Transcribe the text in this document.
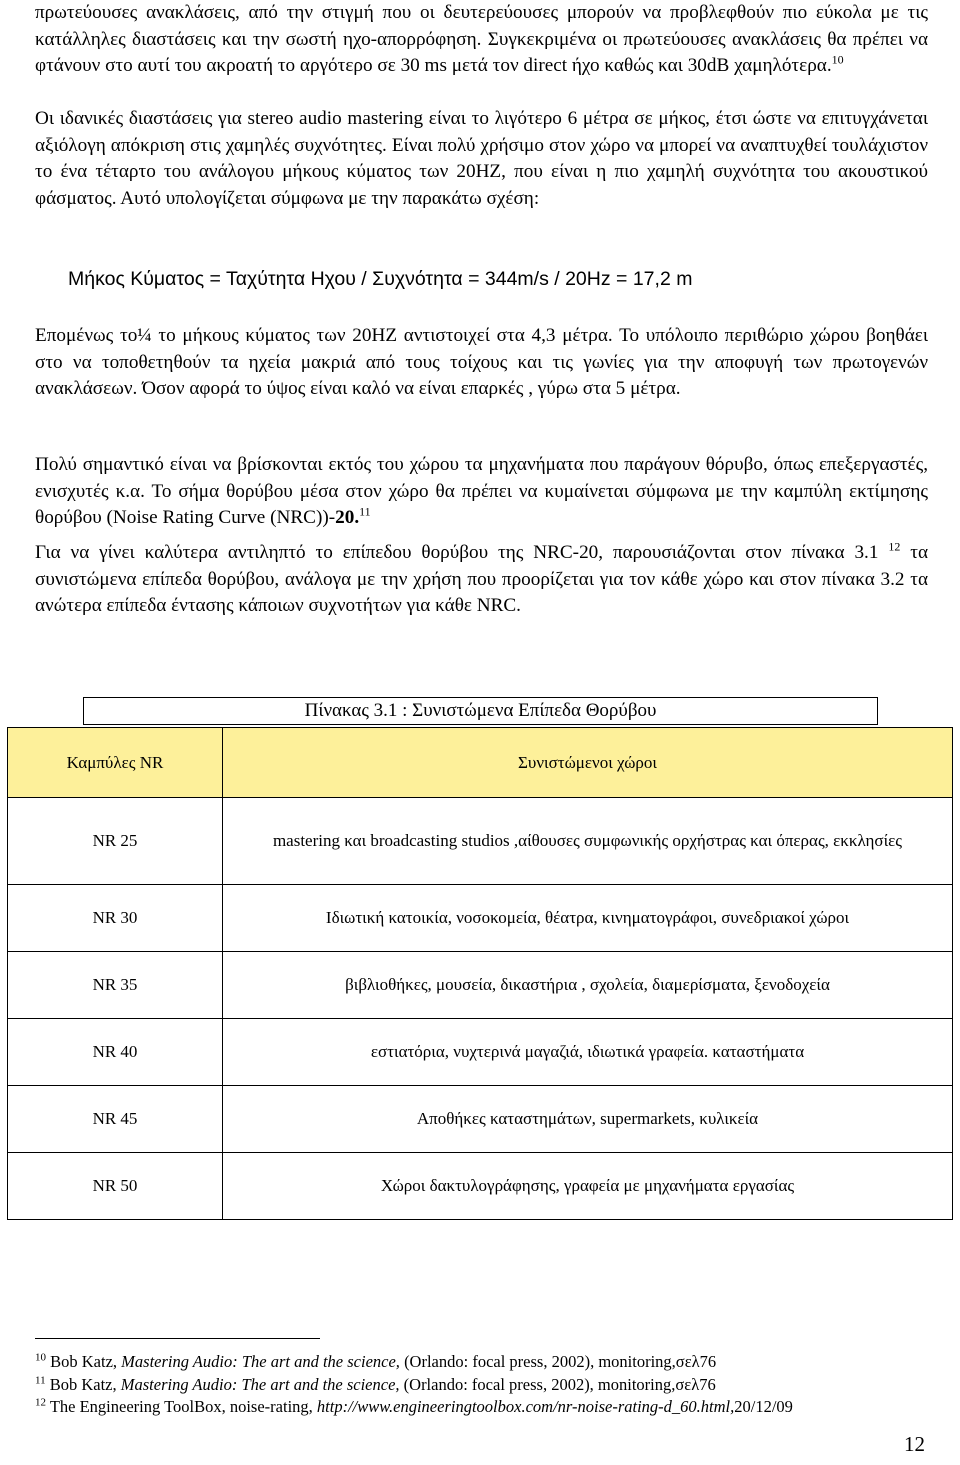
πρωτεύουσες ανακλάσεις, από την στιγμή που οι δευτερεύουσες μπορούν να προβλεφθούν πιο εύκολα με τις κατάλληλες διαστάσεις και την σωστή ηχο-απορρόφηση. Συγκεκριμένα οι πρωτεύουσες ανακλάσεις θα πρέπει να φτάνουν στο αυτί του ακροατή το αργότερο σε 30 ms μετά τον direct ήχο καθώς και 30dB χαμηλότερα.$^{10}$
Οι ιδανικές διαστάσεις για stereo audio mastering είναι το λιγότερο 6 μέτρα σε μήκος, έτσι ώστε να επιτυγχάνεται αξιόλογη απόκριση στις χαμηλές συχνότητες. Είναι πολύ χρήσιμο στον χώρο να μπορεί να αναπτυχθεί τουλάχιστον το ένα τέταρτο του ανάλογου μήκους κύματος των 20HZ, που είναι η πιο χαμηλή συχνότητα του ακουστικού φάσματος. Αυτό υπολογίζεται σύμφωνα με την παρακάτω σχέση:
Μήκος Κύματος = Ταχύτητα Ηχου / Συχνότητα = 344m/s / 20Hz = 17,2 m
Επομένως το¼ το μήκους κύματος των 20HZ αντιστοιχεί στα 4,3 μέτρα. Το υπόλοιπο περιθώριο χώρου βοηθάει στο να τοποθετηθούν τα ηχεία μακριά από τους τοίχους και τις γωνίες για την αποφυγή των πρωτογενών ανακλάσεων. Όσον αφορά το ύψος είναι καλό να είναι επαρκές , γύρω στα 5 μέτρα.
Πολύ σημαντικό είναι να βρίσκονται εκτός του χώρου τα μηχανήματα που παράγουν θόρυβο, όπως επεξεργαστές, ενισχυτές κ.α. Το σήμα θορύβου μέσα στον χώρο θα πρέπει να κυμαίνεται σύμφωνα με την καμπύλη εκτίμησης θορύβου (Noise Rating Curve (NRC))-20.11
Για να γίνει καλύτερα αντιληπτό το επίπεδου θορύβου της NRC-20, παρουσιάζονται στον πίνακα 3.1 $^{12}$ τα συνιστώμενα επίπεδα θορύβου, ανάλογα με την χρήση που προορίζεται για τον κάθε χώρο και στον πίνακα 3.2 τα ανώτερα επίπεδα έντασης κάποιων συχνοτήτων για κάθε NRC.
Πίνακας 3.1 : Συνιστώμενα Επίπεδα Θορύβου
Καμπύλες NR	Συνιστώμενοι χώροι
NR 25	mastering και broadcasting studios ,αίθουσες συμφωνικής ορχήστρας και όπερας, εκκλησίες
NR 30	Ιδιωτική κατοικία, νοσοκομεία, θέατρα, κινηματογράφοι, συνεδριακοί χώροι
NR 35	βιβλιοθήκες, μουσεία, δικαστήρια , σχολεία, διαμερίσματα, ξενοδοχεία
NR 40	εστιατόρια, νυχτερινά μαγαζιά, ιδιωτικά γραφεία. καταστήματα
NR 45	Αποθήκες καταστημάτων, supermarkets, κυλικεία
NR 50	Χώροι δακτυλογράφησης, γραφεία με μηχανήματα εργασίας
$^{10}$ Bob Katz, Mastering Audio: The art and the science, (Orlando: focal press, 2002), monitoring,σελ76
$^{11}$ Bob Katz, Mastering Audio: The art and the science, (Orlando: focal press, 2002), monitoring,σελ76
$^{12}$ The Engineering ToolBox, noise-rating, http://www.engineeringtoolbox.com/nr-noise-rating-d_60.html,20/12/09
12
